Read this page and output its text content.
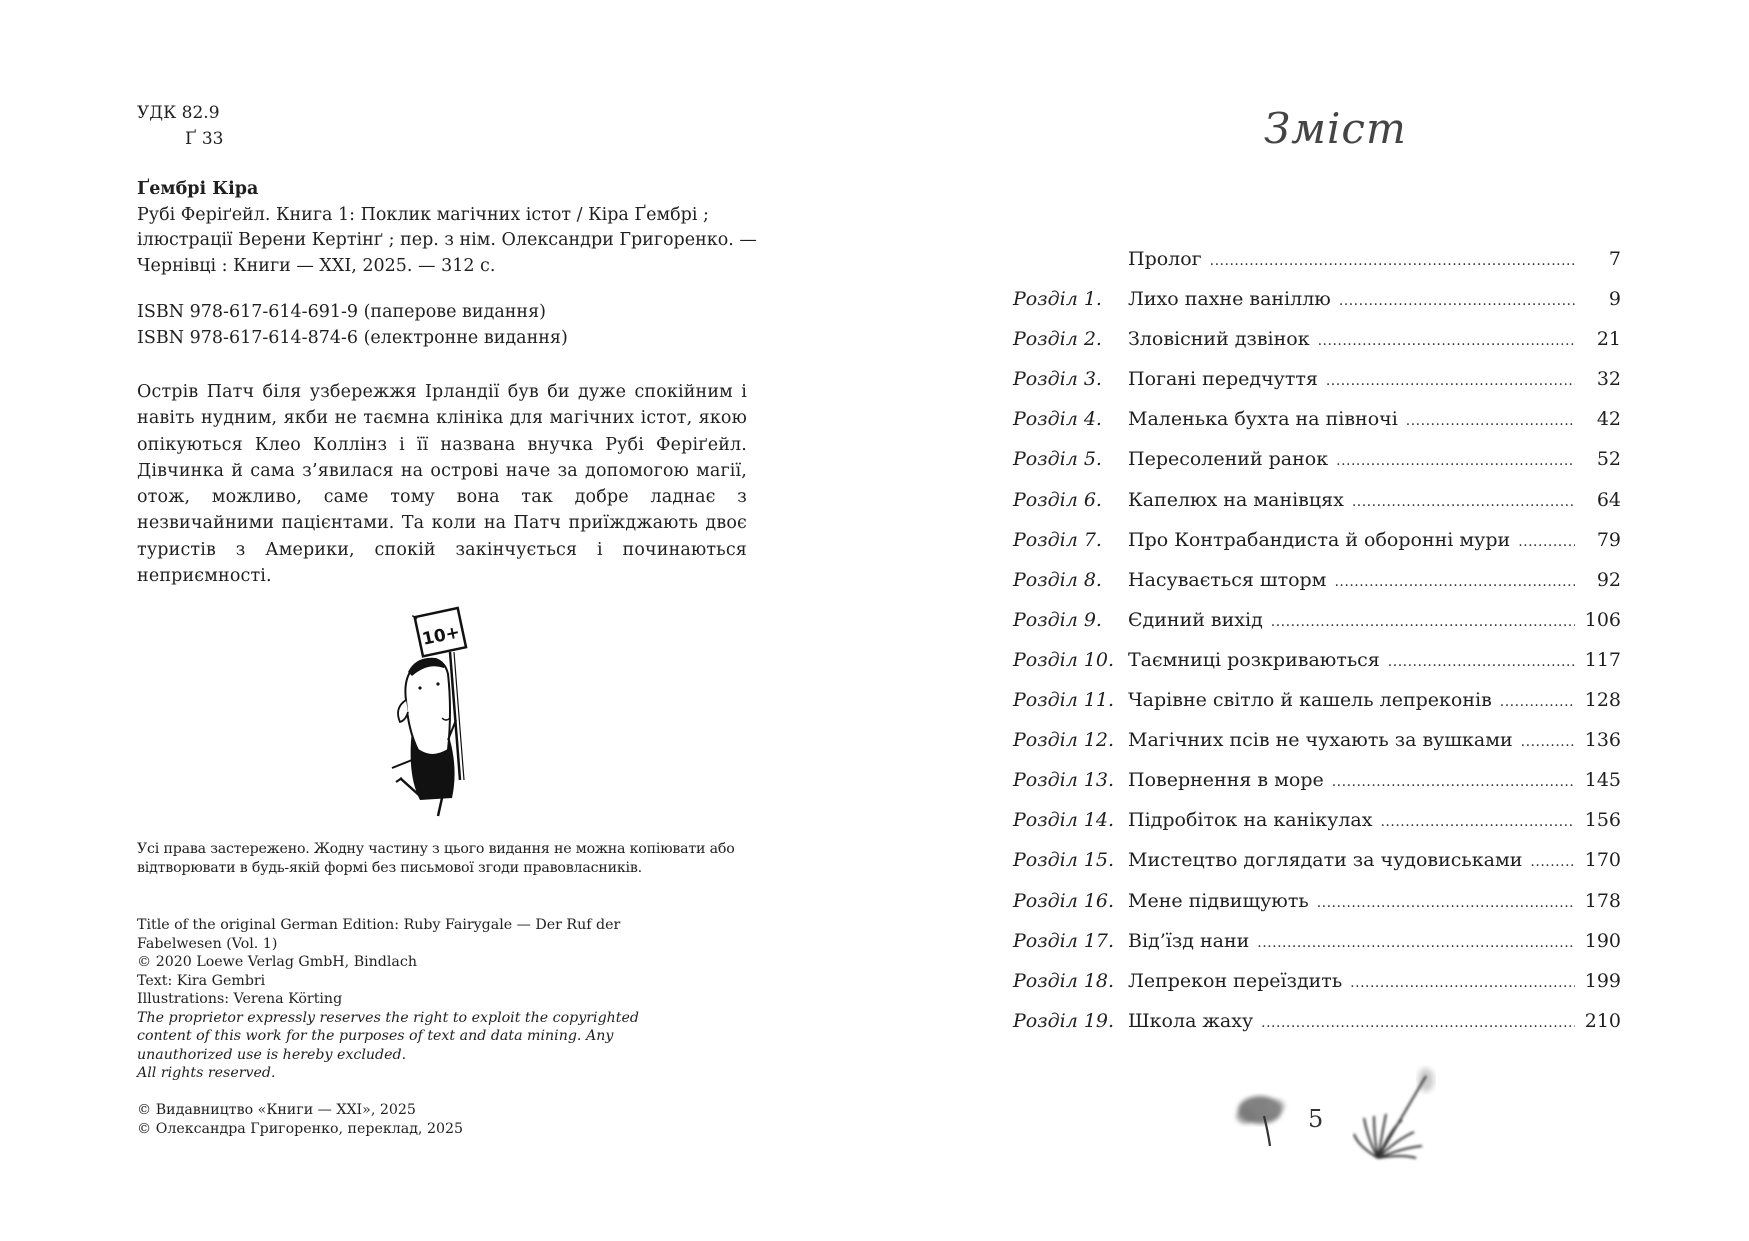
УДК 82.9
Ґ 33
Ґембрі Кіра
Рубі Феріґейл. Книга 1: Поклик магічних істот / Кіра Ґембрі ; ілюстрації Верени Кертінґ ; пер. з нім. Олександри Григоренко. — Чернівці : Книги — XXI, 2025. — 312 с.
ISBN 978-617-614-691-9 (паперове видання)
ISBN 978-617-614-874-6 (електронне видання)
Острів Патч біля узбережжя Ірландії був би дуже спокійним і навіть нудним, якби не таємна клініка для магічних істот, якою опікуються Клео Коллінз і її названа внучка Рубі Феріґейл. Дівчинка й сама з’явилася на острові наче за допомогою магії, отож, можливо, саме тому вона так добре ладнає з незвичайними пацієнтами. Та коли на Патч приїжджають двоє туристів з Америки, спокій закінчується і починаються неприємності.
10+
Усі права застережено. Жодну частину з цього видання не можна копіювати або відтворювати в будь-якій формі без письмової згоди правовласників.
Title of the original German Edition: Ruby Fairygale — Der Ruf der Fabelwesen (Vol. 1)
© 2020 Loewe Verlag GmbH, Bindlach
Text: Kira Gembri
Illustrations: Verena Körting
The proprietor expressly reserves the right to exploit the copyrighted content of this work for the purposes of text and data mining. Any unauthorized use is hereby excluded.
All rights reserved.
© Видавництво «Книги — XXI», 2025
© Олександра Григоренко, переклад, 2025
Зміст
Пролог .....	7
Розділ 1.	Лихо пахне ваніллю .....	9
Розділ 2.	Зловісний дзвінок .....	21
Розділ 3.	Погані передчуття .....	32
Розділ 4.	Маленька бухта на півночі .....	42
Розділ 5.	Пересолений ранок .....	52
Розділ 6.	Капелюх на манівцях .....	64
Розділ 7.	Про Контрабандиста й оборонні мури .....	79
Розділ 8.	Насувається шторм .....	92
Розділ 9.	Єдиний вихід .....	106
Розділ 10. Таємниці розкриваються .....	117
Розділ 11. Чарівне світло й кашель лепреконів .....	128
Розділ 12. Магічних псів не чухають за вушками .....	136
Розділ 13. Повернення в море .....	145
Розділ 14. Підробіток на канікулах .....	156
Розділ 15. Мистецтво доглядати за чудовиськами .....	170
Розділ 16. Мене підвищують .....	178
Розділ 17. Від’їзд нани .....	190
Розділ 18. Лепрекон переїздить .....	199
Розділ 19. Школа жаху .....	210
5
